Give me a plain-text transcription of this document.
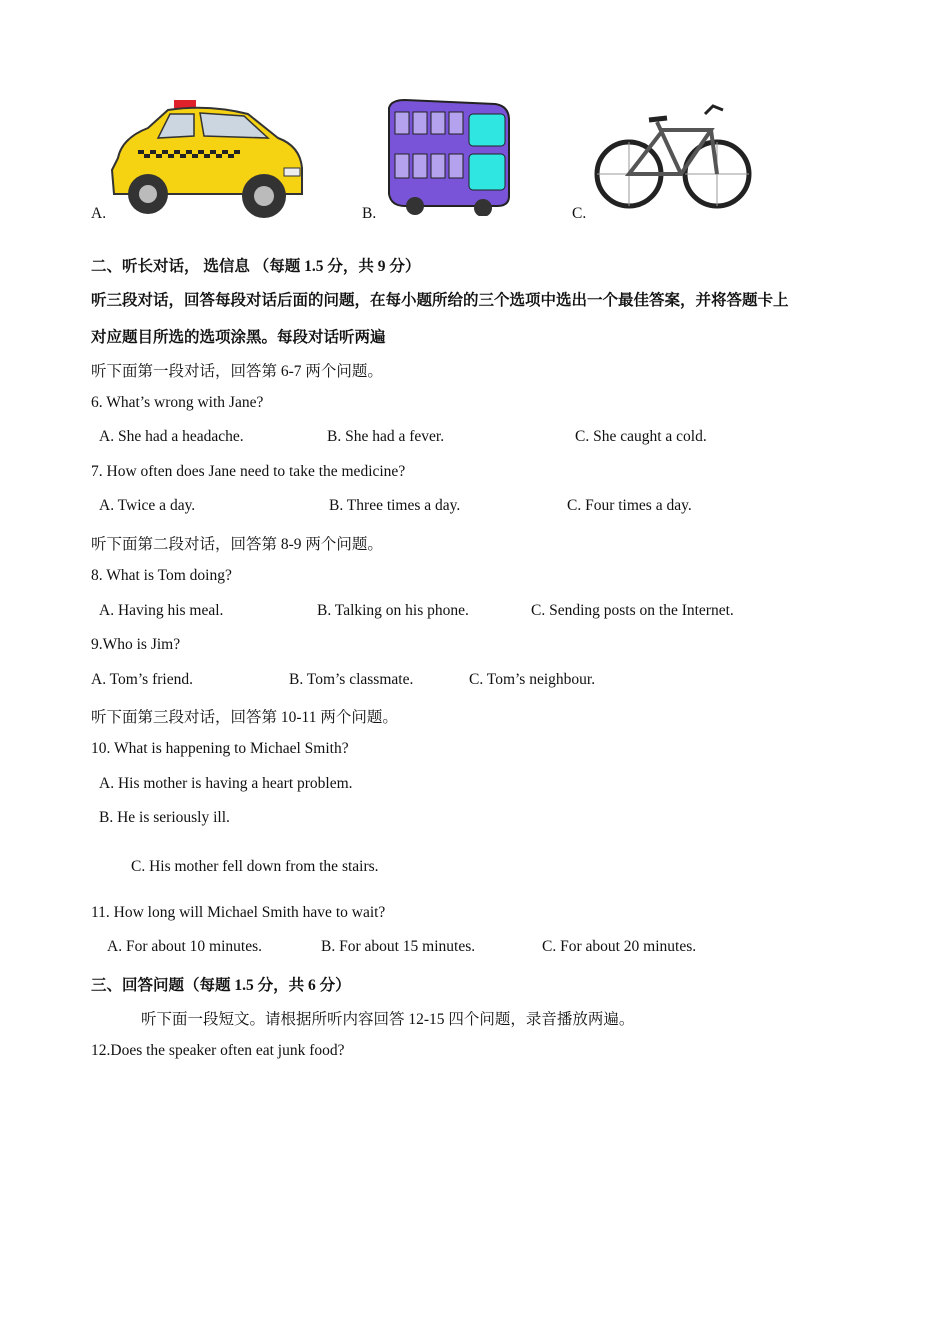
A.	B.	C.
二、听长对话， 选信息 （每题 1.5 分，共 9 分）
听三段对话，回答每段对话后面的问题，在每小题所给的三个选项中选出一个最佳答案，并将答题卡上
对应题目所选的选项涂黑。每段对话听两遍
听下面第一段对话，回答第 6-7 两个问题。
6. What’s wrong with Jane?
A. She had a headache.	B. She had a fever.	C. She caught a cold.
7. How often does Jane need to take the medicine?
A. Twice a day.	B. Three times a day.	C. Four times a day.
听下面第二段对话，回答第 8-9 两个问题。
8. What is Tom doing?
A. Having his meal.	B. Talking on his phone.	C. Sending posts on the Internet.
9.Who is Jim?
A. Tom’s friend.	B. Tom’s classmate.	C. Tom’s neighbour.
听下面第三段对话，回答第 10-11 两个问题。
10. What is happening to Michael Smith?
A. His mother is having a heart problem.
B. He is seriously ill.
C. His mother fell down from the stairs.
11. How long will Michael Smith have to wait?
A. For about 10 minutes.	B. For about 15 minutes.	C. For about 20 minutes.
三、回答问题（每题 1.5 分，共 6 分）
听下面一段短文。请根据所听内容回答 12-15 四个问题，录音播放两遍。
12.Does the speaker often eat junk food?
